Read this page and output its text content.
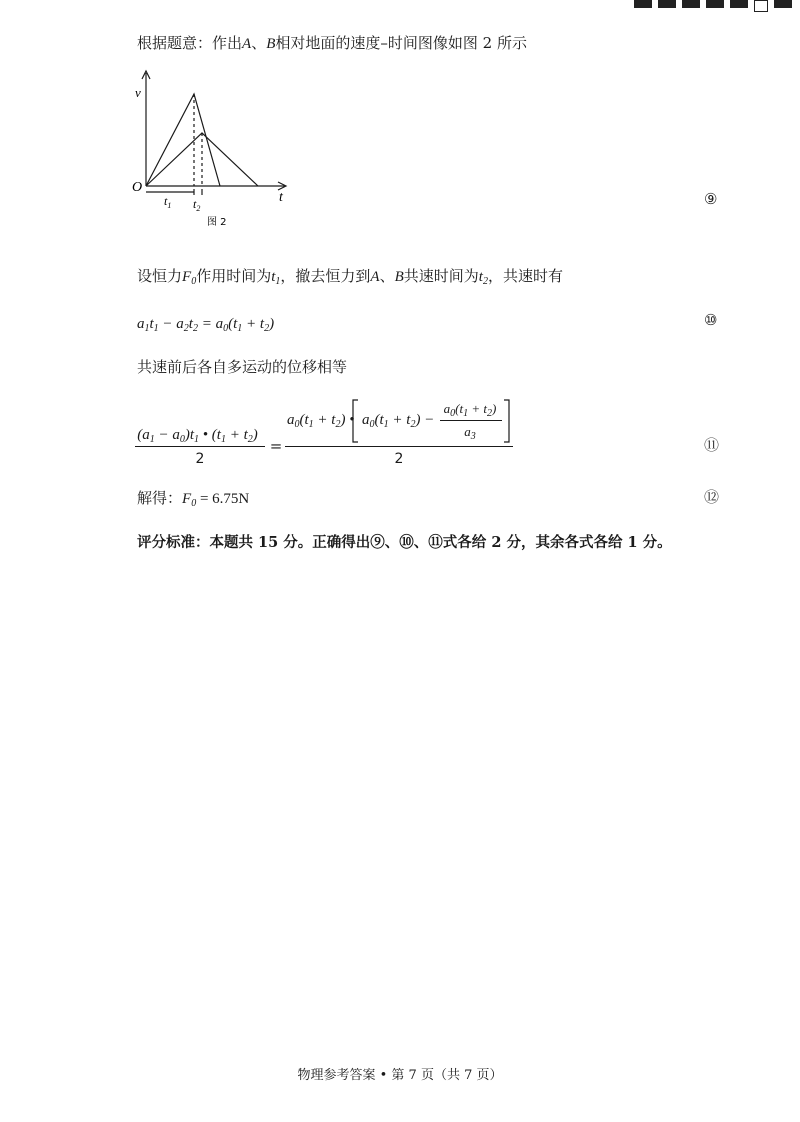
根据题意：作出A、B相对地面的速度–时间图像如图 2 所示
v
t
O
$t_1$ $t_2$
图 2
⑨
设恒力$F_0$作用时间为$t_1$，撤去恒力到A、B共速时间为$t_2$，共速时有
$a_1t_1 - a_2t_2 = a_0(t_1 + t_2)$	⑩
共速前后各自多运动的位移相等
$(a_1 - a_0)t_1$ • $(t_1 + t_2)$
2
=
$a_0(t_1 + t_2)$ • $a_0(t_1 + t_2)$ −
$a_0(t_1 + t_2)$
$a_3$
2
⑪
解得：$F_0 = 6.75N$	⑫
评分标准：本题共 15 分。正确得出⑨、⑩、⑪式各给 2 分，其余各式各给 1 分。
物理参考答案 • 第 7 页（共 7 页）
